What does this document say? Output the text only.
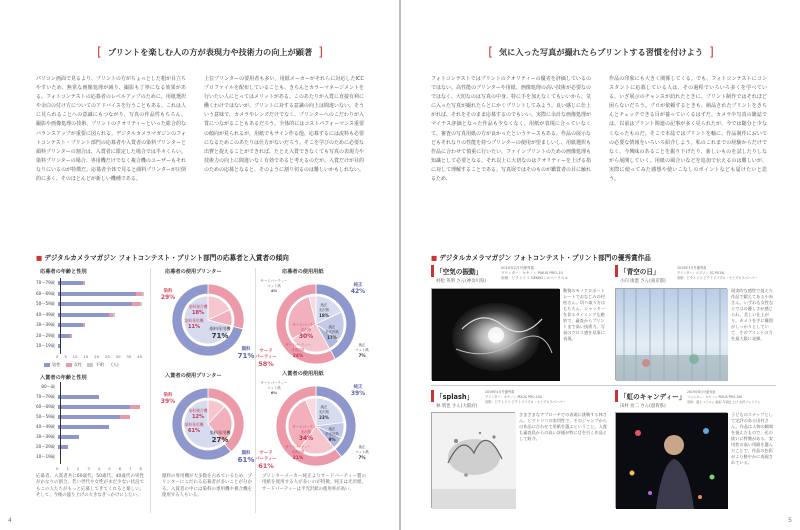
[ プリントを楽しむ人の方が表現力や技術力の向上が顕著 ]
パソコン画面で見るより、プリントの方がちょっとした粗が目立ちやすいため、無常な画像処理が減り、撮影も丁寧になる効果がある。フォトコンテストの応募者のレベルアップのために、用紙選択や余白の付け方についてのアドバイスを行うこともある。これは人に見られることへの意識にもつながり、写真の作品性もちろん、撮影や画像処理の技術、プリントのクオリティーといった総合的なバランスアップが重要に図られる。デジタルカメラマガジンのフォトコンテスト・プリント部門の応募者や入賞者の染料プリンターと顔料プリンターの割合は、入賞者に限定した場合では半々くらい。染料プリンターの場合、専用機だけでなく複合機のユーザーもそれなりにいるのが特徴だ。応募者全体で見ると顔料プリンターが圧倒的に多く、そのほとんどが新しい機種である。
上位プリンターの要用者も多い。用紙メーカーがそれらに対応したICCプロファイルを配布していることも、きちんとカラーマネージメントを行いたい人にとってはメリットがある。このあたりが入賞に直接有利に働くわけではないが、プリントに対する意識の向上は間違いない。そういう意味で、カメラやレンズだけでなく、プリンターへのこだわりが入賞につながることもあるだろう。全体的にはコストパフォーマンス重要の傾向が見られるが、用紙でもサイン作る他、応募するには流料も必要になるためこのあたりは仕方がないだろう。そこを学びのために必要な出費と捉えることができれば、たとえ入賞できなくても写真の表現力や技術力の向上に間違いなく有効であると考えるのだが。入賞だけが目的のための応募となると、そのように割り切るのは難しいかもしれない。
■ デジタルカメラマガジン フォトコンテスト・プリント部門の応募者と入賞者の傾向
応募者の年齢と性別
70〜79歳
60〜69歳
50〜59歳
40〜49歳
30〜39歳
20〜29歳
10〜19歳
0 5 10 15 20 25 30 35 40
男性	女性	不明 (人)
入賞者の年齢と性別
80〜歳
70〜79歳
60〜69歳
50〜59歳
40〜49歳
30〜39歳
20〜29歳
10〜19歳
0 1 2 3 4 5 6 7 8
応募者、入賞者共に60歳代、50歳代、40歳代の男性がかなりの割合。若い世代や女性がまだ少ない状況でもこの人たちがもっと応募してきてくれると楽しい。そして、今後の盛り上げの大きなきっかけにしたい。
応募者の使用プリンター
顔料専用機
71%
染料複合機
18%
染料専用機
11%
染料
29%
顔料
71%
入賞者の使用プリンター
染料専用機
27%
染料複合機
12%
顔料専用機
61%
染料
39%
顔料
61%
顔料の専用機が大多数を占めているため、プリンターにこだわる応募者が多いことが分かる。入賞者の中には染料の専用機や複合機を使用する人もいる。
応募者の使用用紙
純正
42%
サード
パーティー
58%
サードパーティー
マット紙
4%
サードパーティー
光沢紙
30%
サードパーティー
半光沢紙
24%
純正
光沢紙
18%
純正
半光沢紙
17%
純正
マット紙
7%
入賞者の使用用紙
純正
39%
サード
パーティー
61%
サードパーティー
マット紙
6%
サードパーティー
光沢紙
34%
サードパーティー
半光沢紙
21%
純正
光沢紙
23%
純正
半光沢紙
9%
純正
マット紙
7%
プリンターメーカー純正よりサードパーティー製の用紙を使用する人が多いのが特徴。純正は光沢紙、サードパーティーは半光沢紙の使用率が高い。
4
[ 気に入った写真が撮れたらプリントする習慣を付けよう ]
フォトコンテストではプリントのクオリティーの優劣を評価しているのではない。高性能のプリンターや用紙、画像処理の高い技術が必要なのではなく、大切なのは写真の中身。特に手を加えなくてもいいから、気に入った写真が撮れたらとにかくプリントしてみよう。良い感じに仕上がれば、それをそのまま応募するのでもいい。実際に余計な画像処理がマイナス評価となった作品も少なくなく、用紙が表現に合っていなくて、審査の写真用紙の方が良かったというケースもある。作品の展示などもそれなりの性能を持つプリンターの使用が望ましいし、用紙選択も作品に合わせて慎重に行いたい。ファインプリントのための画像処理も知識として必要となる。それ以上に大切なのはクオリティーを上げる指に対して理解することである。写真展ではそのものが鑑賞者の目に触れるため、
作品の印象にも大きく関係してくる。でも、フォトコンテストにコンスタントに応募している人は、その過程でいろいろ多くを学べている。いざ展示のチャンスが訪れたときに、プリント制作ではそれほど困らないだろう。プロが依頼するときも、納品されたプリントをきちんとチェックできる目が養っていくるはずだ。カメラや写真の雑誌では、以前はプリント関連の記事が多く見られたが、今では随分と少なくなったものだ。そこで本誌ではプリントを軸に、作品制作においての必要な情報をいろいろ紹介しよう。私のこれまでの経験からだけでなく、今興味のあることを掘り下げたり、新しいものを試したりしながら展開していく。用紙の風合いなどを追加で伝えるのは難しいが、実際に使ってみた感想や使いこなしのポイントなども届けたいと思う。
■ デジタルカメラマガジン フォトコンテスト・プリント部門の優秀賞作品
「空気の振動」
村松 英明 さん(神奈川県)
2019年2月号優秀賞
プリンター：キヤノン PIXUS PRO-10
用紙：ピクトリコ GEKKOシルバーラベル
動物のモノクロポートレートでおなじみの村松さん。切り取り方はもちろん、シャッターを切るタイミングも絶妙で、審査からプリントまで高い技術力。写真のグロス感を見事に表現。
「青空の日」
小向 康憲 さん(東京都)
2019年3月号優秀賞
プリンター：エプソン SC-PX1VL
用紙：ピクトリコ ピクトリコプロ・セミグロスペーパー
現実的な感性で捉えた作品で鍛えてある小向さん。いずれも女性ならではの優しさが感じられ、美しい仕上がり。カメラを手に構図がしっかりとしていて、そのプリントの力を最大限に発揮。
「splash」
林 明也 さん(大阪府)
2019年4月号優秀賞
プリンター：キヤノン PIXUS PRO-100
用紙：ピクトリコ ピクトリコプロ・セミグロスペーパー
さまざまなアプローチでの表現に挑戦する林さん。ピクトリコの実用性で、そのジャンプからの作品に合わせて用紙を選ぶということ。入賞も審査員からの高い評価が特に目を引く作品として紹介。
「虹のキャンディー」
田村 亮二 さん(滋賀県)
2019年8月号優秀賞
プリンター：キヤノン PIXUS PRO-100
用紙：富士フイルム 画彩 写真仕上げ 光沢プレミアム
子どものスナップとして定評のある田村さん。作品は人物の瞬間を捉えたもので、光の扱いに特徴がある。実用性の高い用紙を選んだことで、作品の色彩がより鮮やかに表現されている。
5
